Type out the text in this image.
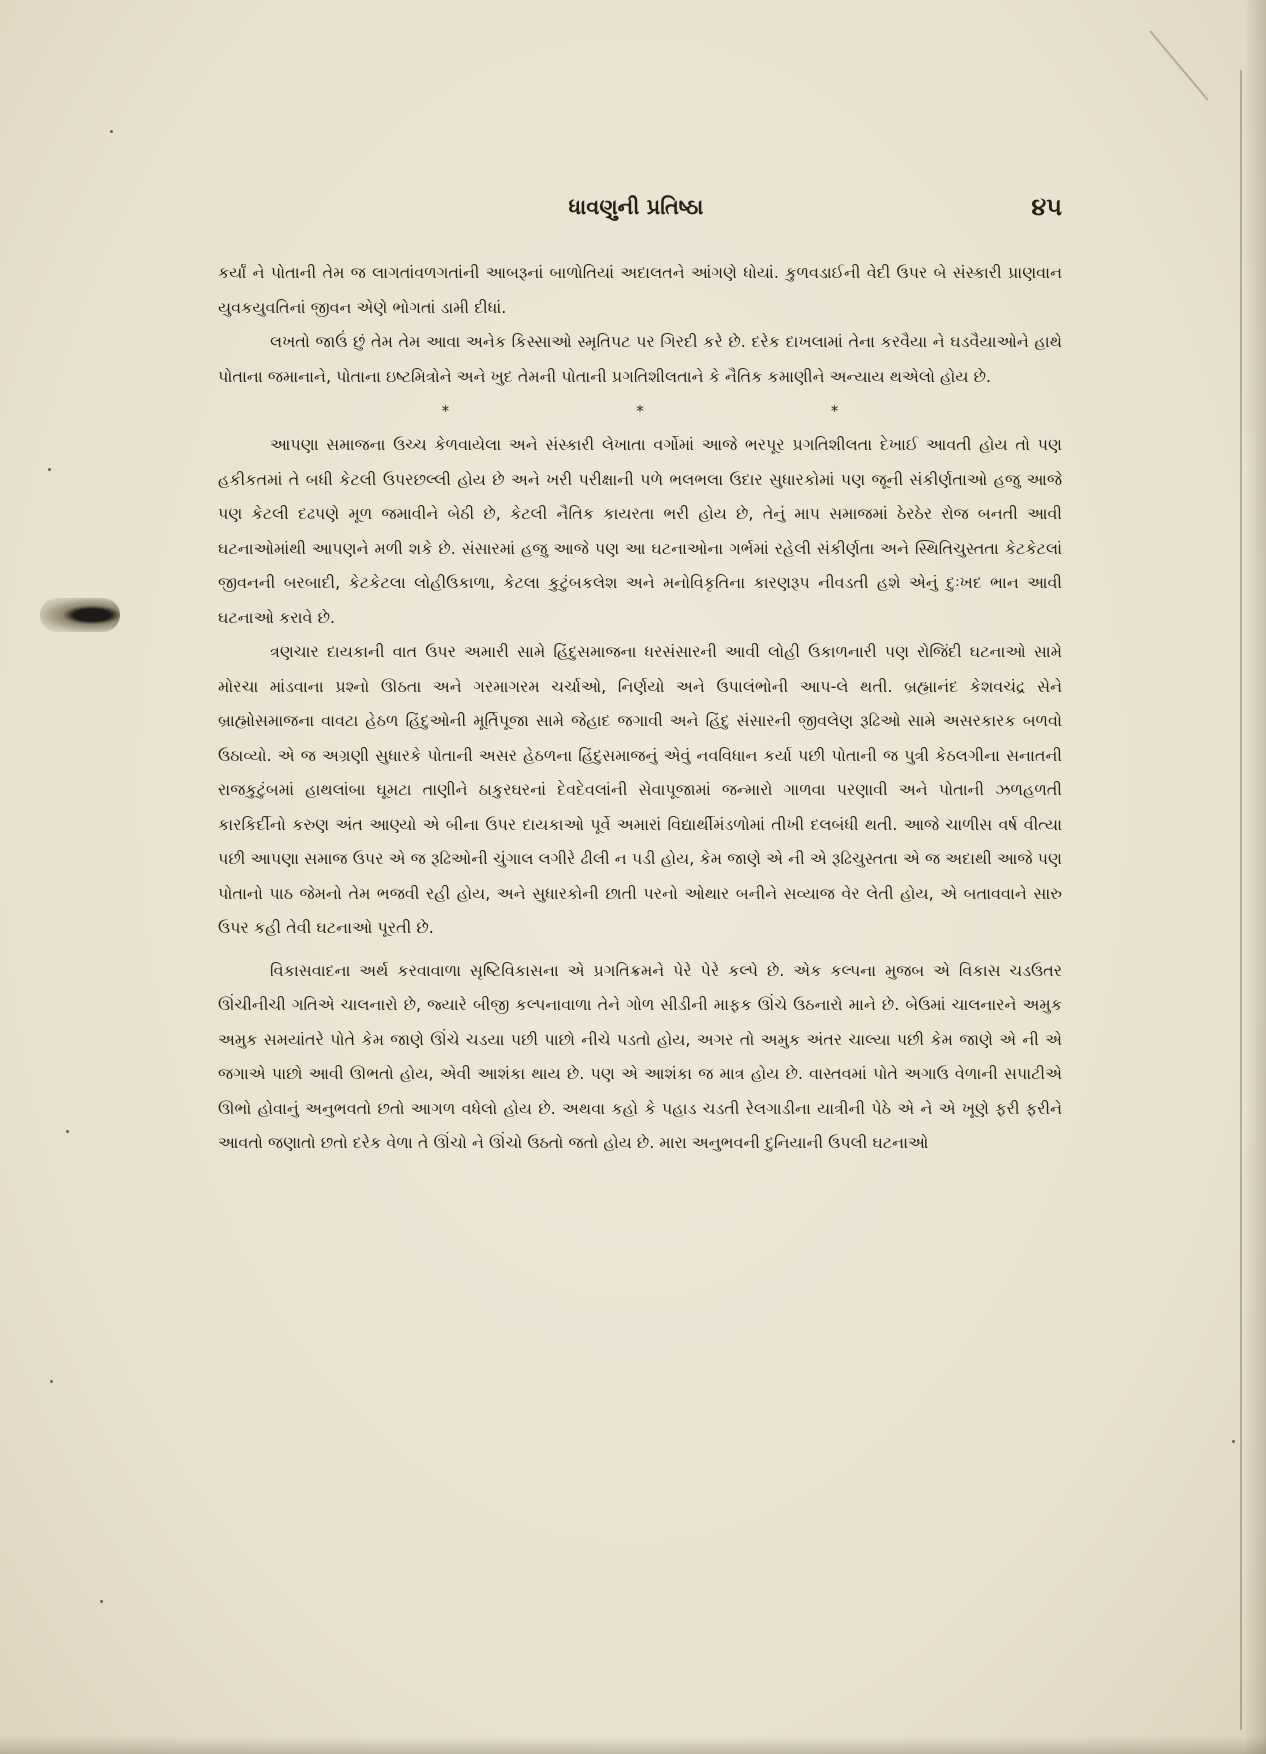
ધાવણુની પ્રતિષ્ઠા	૪૫

કર્યાં ને પોતાની તેમ જ લાગતાંવળગતાંની આબરૂનાં બાળોતિયાં અદાલતને આંગણે ધોયાં. કુળવડાઈની વેદી ઉપર બે સંસ્કારી પ્રાણવાન યુવકયુવતિનાં જીવન એણે ભોગતાં ડામી દીધાં.

લખતો જાઉં છું તેમ તેમ આવા અનેક કિસ્સાઓ સ્મૃતિપટ પર ગિરદી કરે છે. દરેક દાખલામાં તેના કરવૈયા ને ઘડવૈયાઓને હાથે પોતાના જમાનાને, પોતાના ઇષ્ટમિત્રોને અને ખુદ તેમની પોતાની પ્રગતિશીલતાને કે નૈતિક કમાણીને અન્યાય થએલો હોય છે.

*	*	*

આપણા સમાજના ઉચ્ચ કેળવાયેલા અને સંસ્કારી લેખાતા વર્ગોમાં આજે ભરપૂર પ્રગતિશીલતા દેખાઈ આવતી હોય તો પણ હકીકતમાં તે બધી કેટલી ઉપરછલ્લી હોય છે અને ખરી પરીક્ષાની પળે ભલભલા ઉદાર સુધારકોમાં પણ જૂની સંકીર્ણતાઓ હજુ આજે પણ કેટલી દઢપણે મૂળ જમાવીને બેઠી છે, કેટલી નૈતિક કાયરતા ભરી હોય છે, તેનું માપ સમાજમાં ઠેરઠેર રોજ બનતી આવી ઘટનાઓમાંથી આપણને મળી શકે છે. સંસારમાં હજુ આજે પણ આ ઘટનાઓના ગર્ભમાં રહેલી સંકીર્ણતા અને સ્થિતિચુસ્તતા કેટકેટલાં જીવનની બરબાદી, કેટકેટલા લોહીઉકાળા, કેટલા કુટુંબકલેશ અને મનોવિકૃતિના કારણરૂપ નીવડતી હશે એનું દુઃખદ ભાન આવી ઘટનાઓ કરાવે છે.

ત્રણચાર દાયકાની વાત ઉપર અમારી સામે હિંદુસમાજના ધરસંસારની આવી લોહી ઉકાળનારી પણ રોજિંદી ઘટનાઓ સામે મોરચા માંડવાના પ્રશ્નો ઊઠતા અને ગરમાગરમ ચર્ચાઓ, નિર્ણયો અને ઉપાલંભોની આપ-લે થતી. બ્રહ્માનંદ કેશવચંદ્ર સેને બ્રાહ્મોસમાજના વાવટા હેઠળ હિંદુઓની મૂર્તિપૂજા સામે જેહાદ જગાવી અને હિંદુ સંસારની જીવલેણ રૂઢિઓ સામે અસરકારક બળવો ઉઠાવ્યો. એ જ અગ્રણી સુધારકે પોતાની અસર હેઠળના હિંદુસમાજનું એવું નવવિધાન કર્યા પછી પોતાની જ પુત્રી કેઠલગીના સનાતની રાજકુટુંબમાં હાથલાંબા ઘૂમટા તાણીને ઠાકુરઘરનાં દેવદેવલાંની સેવાપૂજામાં જન્મારો ગાળવા પરણાવી અને પોતાની ઝળહળતી કારકિર્દીનો કરુણ અંત આણ્યો એ બીના ઉપર દાયકાઓ પૂર્વે અમારાં વિદ્યાર્થીમંડળોમાં તીખી દલબંધી થતી. આજે ચાળીસ વર્ષ વીત્યા પછી આપણા સમાજ ઉપર એ જ રૂઢિઓની ચુંગાલ લગીરે ઢીલી ન પડી હોય, કેમ જાણે એ ની એ રૂઢિચુસ્તતા એ જ અદાથી આજે પણ પોતાનો પાઠ જેમનો તેમ ભજવી રહી હોય, અને સુધારકોની છાતી પરનો ઓથાર બનીને સવ્યાજ વેર લેતી હોય, એ બતાવવાને સારુ ઉપર કહી તેવી ઘટનાઓ પૂરતી છે.

વિકાસવાદના અર્થ કરવાવાળા સૃષ્ટિવિકાસના એ પ્રગતિક્રમને પેરે પેરે કલ્પે છે. એક કલ્પના મુજબ એ વિકાસ ચડઉતર ઊંચીનીચી ગતિએ ચાલનારો છે, જ્યારે બીજી કલ્પનાવાળા તેને ગોળ સીડીની માફક ઊંચે ઉઠનારો માને છે. બેઉમાં ચાલનારને અમુક અમુક સમયાંતરે પોતે કેમ જાણે ઊંચે ચડયા પછી પાછો નીચે પડતો હોય, અગર તો અમુક અંતર ચાલ્યા પછી કેમ જાણે એ ની એ જગાએ પાછો આવી ઊભતો હોય, એવી આશંકા થાય છે. પણ એ આશંકા જ માત્ર હોય છે. વાસ્તવમાં પોતે અગાઉ વેળાની સપાટીએ ઊભો હોવાનું અનુભવતો છતો આગળ વધેલો હોય છે. અથવા કહો કે પહાડ ચડતી રેલગાડીના યાત્રીની પેઠે એ ને એ ખૂણે ફરી ફરીને આવતો જણાતો છતો દરેક વેળા તે ઊંચો ને ઊંચો ઉઠતો જતો હોય છે. મારા અનુભવની દુનિયાની ઉપલી ઘટનાઓ
